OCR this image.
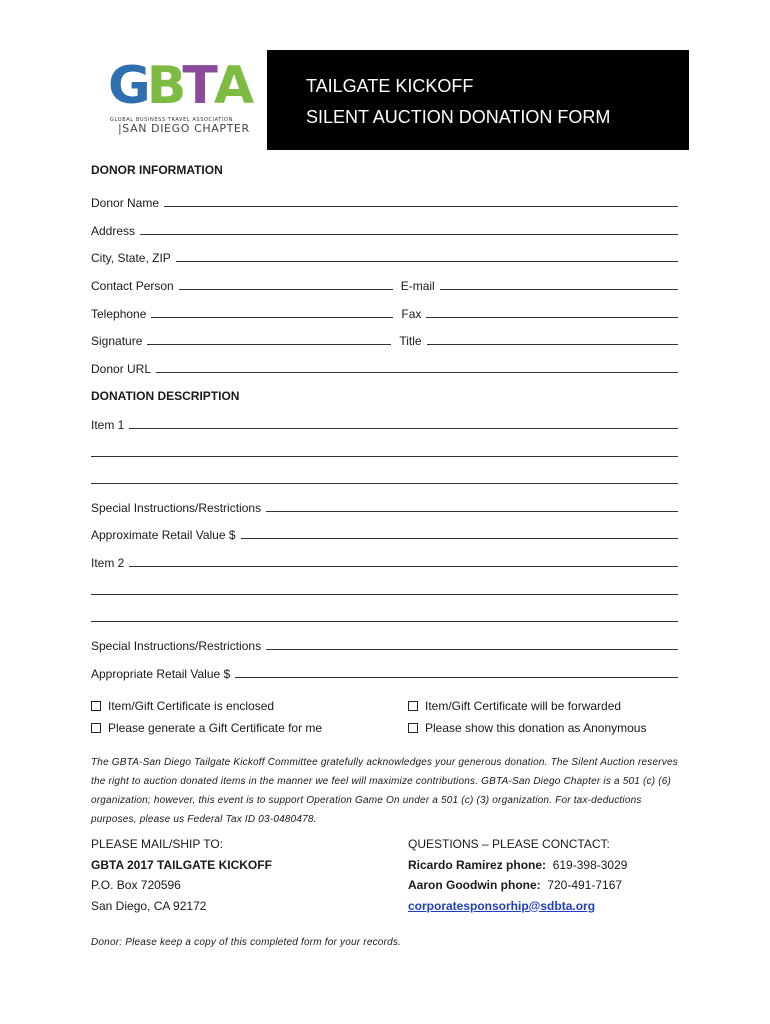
GBTA
GLOBAL BUSINESS TRAVEL ASSOCIATION
|SAN DIEGO CHAPTER
TAILGATE KICKOFF
SILENT AUCTION DONATION FORM
DONOR INFORMATION
Donor Name
Address
City, State, ZIP
Contact Person	E-mail
Telephone	Fax
Signature	Title
Donor URL
DONATION DESCRIPTION
Item 1
Special Instructions/Restrictions
Approximate Retail Value $
Item 2
Special Instructions/Restrictions
Appropriate Retail Value $
Item/Gift Certificate is enclosed	Item/Gift Certificate will be forwarded
Please generate a Gift Certificate for me	Please show this donation as Anonymous
The GBTA-San Diego Tailgate Kickoff Committee gratefully acknowledges your generous donation. The Silent Auction reserves the right to auction donated items in the manner we feel will maximize contributions. GBTA-San Diego Chapter is a 501 (c) (6) organization; however, this event is to support Operation Game On under a 501 (c) (3) organization. For tax-deductions purposes, please us Federal Tax ID 03-0480478.
PLEASE MAIL/SHIP TO:
GBTA 2017 TAILGATE KICKOFF
P.O. Box 720596
San Diego, CA 92172
QUESTIONS – PLEASE CONCTACT:
Ricardo Ramirez phone: 619-398-3029
Aaron Goodwin phone: 720-491-7167
corporatesponsorhip@sdbta.org
Donor: Please keep a copy of this completed form for your records.
